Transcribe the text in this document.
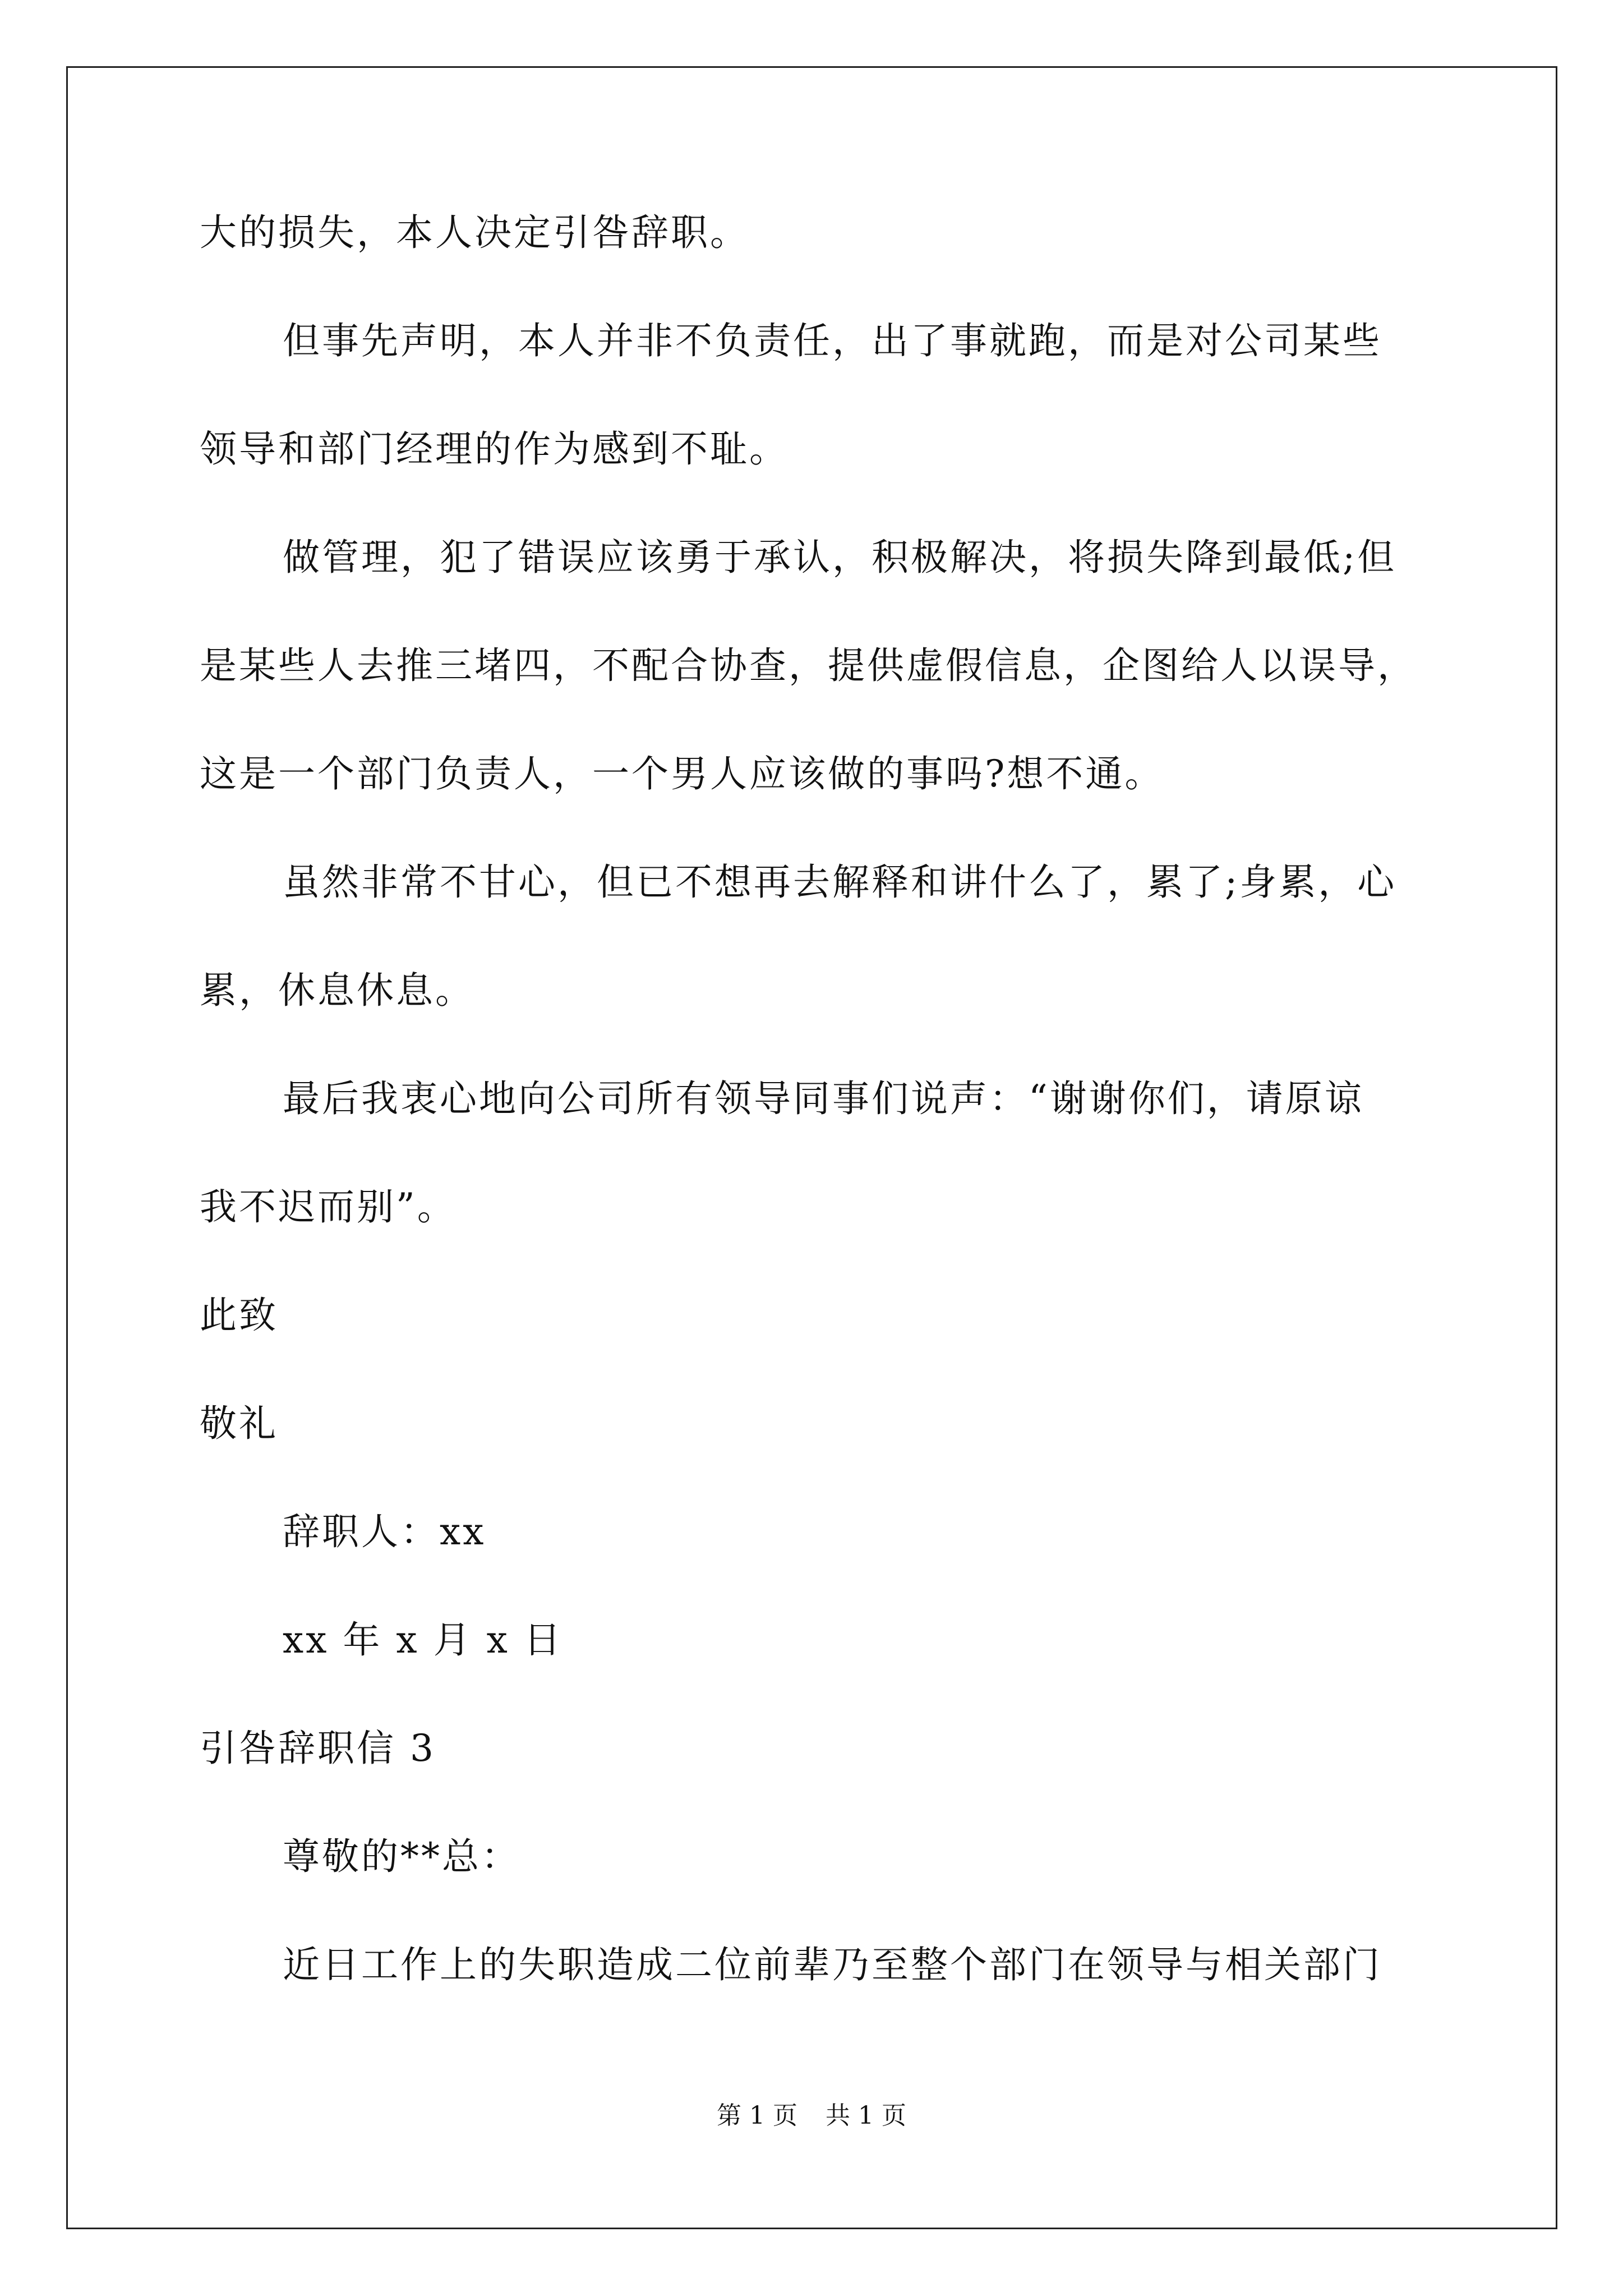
大的损失，本人决定引咎辞职。
但事先声明，本人并非不负责任，出了事就跑，而是对公司某些
领导和部门经理的作为感到不耻。
做管理，犯了错误应该勇于承认，积极解决，将损失降到最低;但
是某些人去推三堵四，不配合协查，提供虚假信息，企图给人以误导，
这是一个部门负责人，一个男人应该做的事吗?想不通。
虽然非常不甘心，但已不想再去解释和讲什么了，累了;身累，心
累，休息休息。
最后我衷心地向公司所有领导同事们说声：“谢谢你们，请原谅
我不迟而别”。
此致
敬礼
辞职人：xx
xx 年 x 月 x 日
引咎辞职信 3
尊敬的**总：
近日工作上的失职造成二位前辈乃至整个部门在领导与相关部门
第 1 页 共 1 页
